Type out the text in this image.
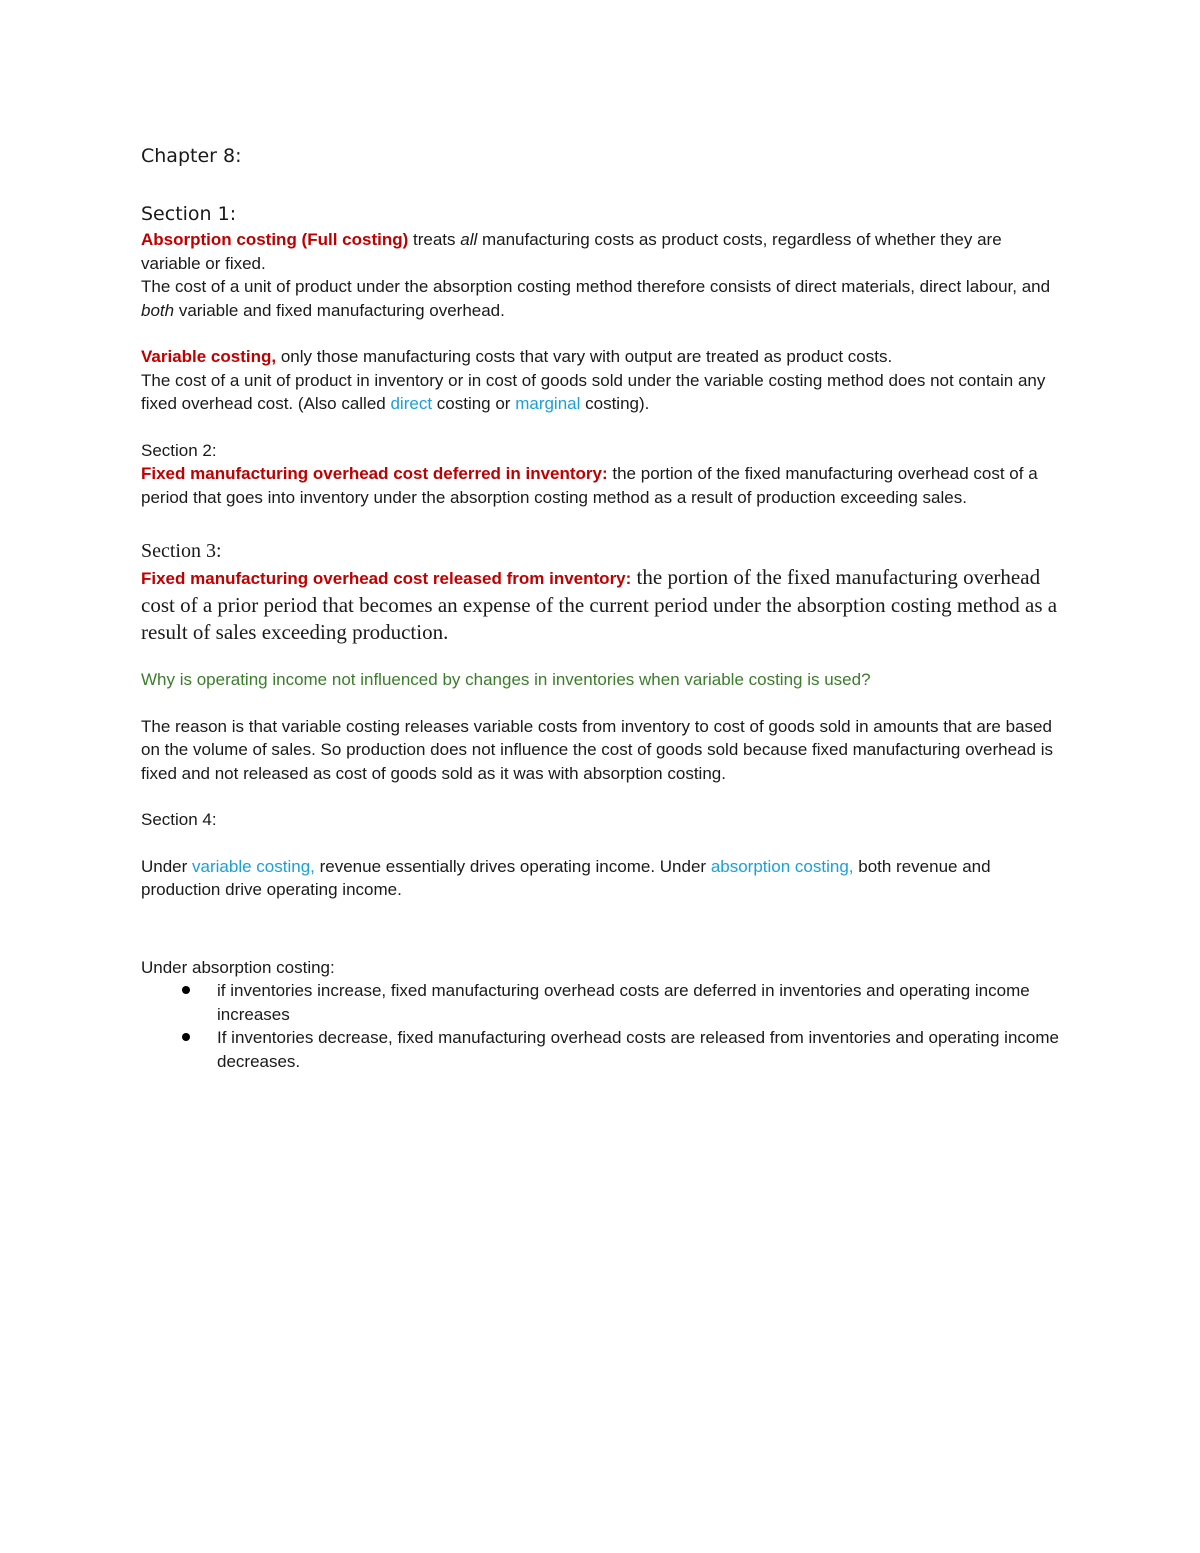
Chapter 8:

Section 1:

Absorption costing (Full costing) treats all manufacturing costs as product costs, regardless of whether they are variable or fixed.

The cost of a unit of product under the absorption costing method therefore consists of direct materials, direct labour, and both variable and fixed manufacturing overhead.

Variable costing, only those manufacturing costs that vary with output are treated as product costs.

The cost of a unit of product in inventory or in cost of goods sold under the variable costing method does not contain any fixed overhead cost. (Also called direct costing or marginal costing).

Section 2:

Fixed manufacturing overhead cost deferred in inventory: the portion of the fixed manufacturing overhead cost of a period that goes into inventory under the absorption costing method as a result of production exceeding sales.

Section 3:

Fixed manufacturing overhead cost released from inventory: the portion of the fixed manufacturing overhead cost of a prior period that becomes an expense of the current period under the absorption costing method as a result of sales exceeding production.

Why is operating income not influenced by changes in inventories when variable costing is used?

The reason is that variable costing releases variable costs from inventory to cost of goods sold in amounts that are based on the volume of sales. So production does not influence the cost of goods sold because fixed manufacturing overhead is fixed and not released as cost of goods sold as it was with absorption costing.

Section 4:

Under variable costing, revenue essentially drives operating income. Under absorption costing, both revenue and production drive operating income.

Under absorption costing:

if inventories increase, fixed manufacturing overhead costs are deferred in inventories and operating income increases
If inventories decrease, fixed manufacturing overhead costs are released from inventories and operating income decreases.
